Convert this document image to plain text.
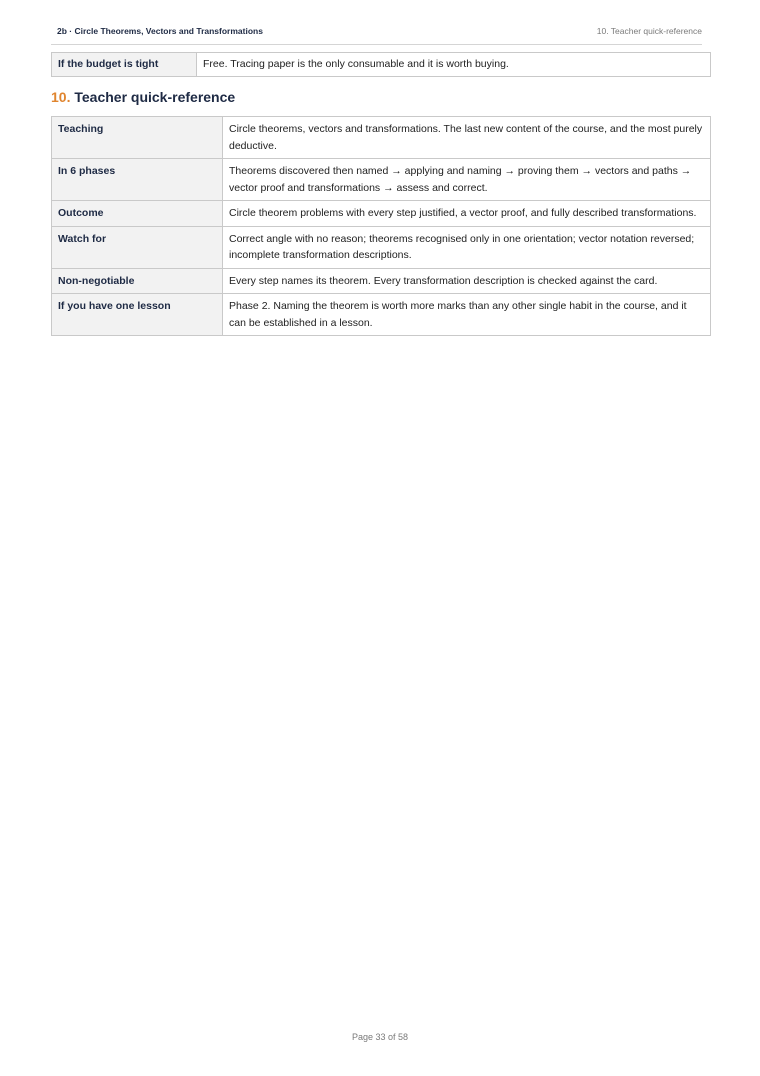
2b · Circle Theorems, Vectors and Transformations	10. Teacher quick-reference
If the budget is tight	Free. Tracing paper is the only consumable and it is worth buying.
10. Teacher quick-reference
Teaching	Circle theorems, vectors and transformations. The last new content of the course, and the most purely deductive.
In 6 phases	Theorems discovered then named → applying and naming → proving them → vectors and paths → vector proof and transformations → assess and correct.
Outcome	Circle theorem problems with every step justified, a vector proof, and fully described transformations.
Watch for	Correct angle with no reason; theorems recognised only in one orientation; vector notation reversed; incomplete transformation descriptions.
Non-negotiable	Every step names its theorem. Every transformation description is checked against the card.
If you have one lesson	Phase 2. Naming the theorem is worth more marks than any other single habit in the course, and it can be established in a lesson.
Page 33 of 58
